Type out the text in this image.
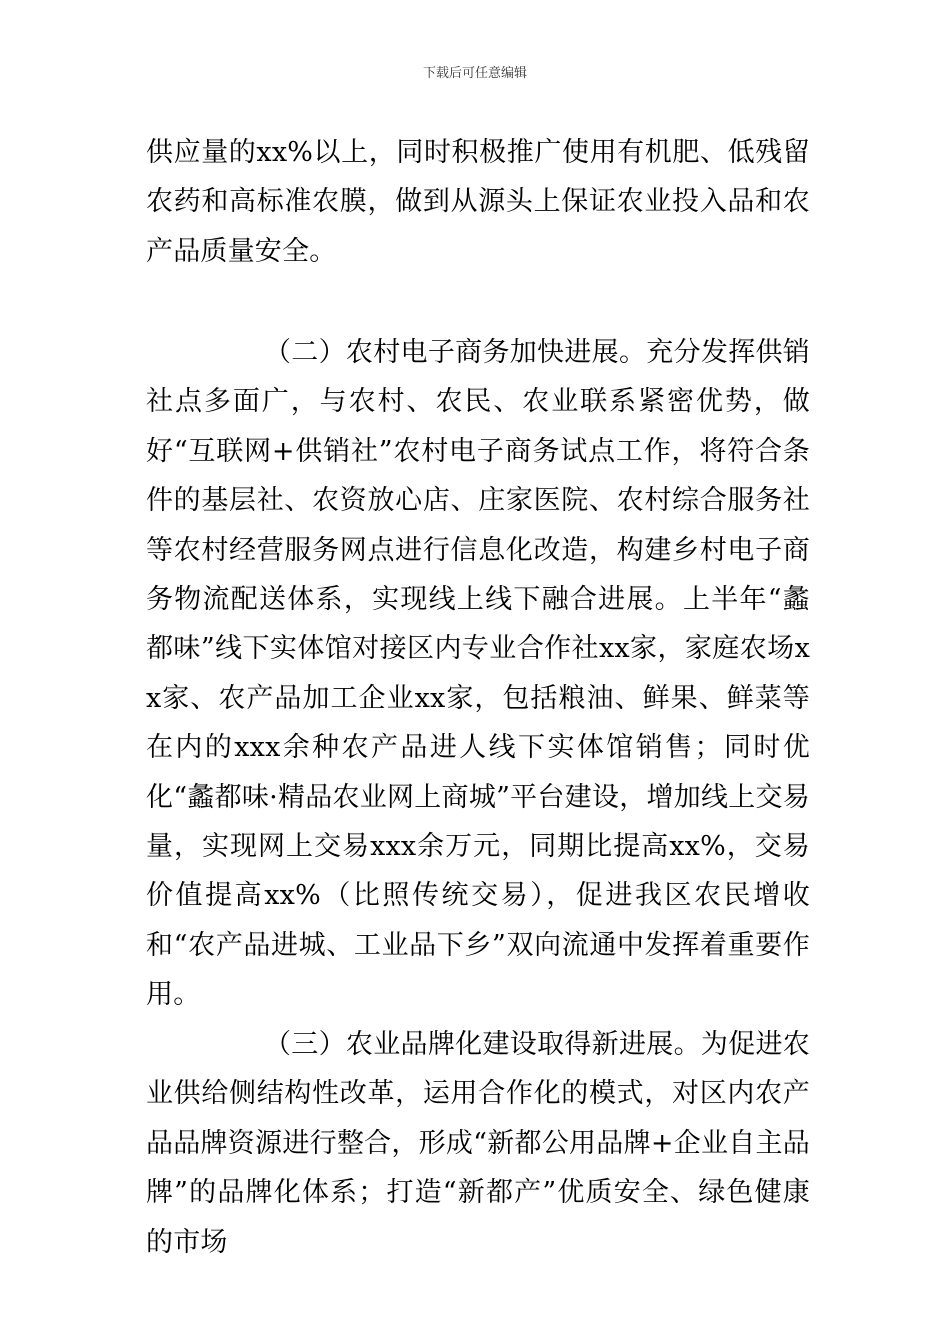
下载后可任意编辑

供应量的xx%以上，同时积极推广使用有机肥、低残留农药和高标准农膜，做到从源头上保证农业投入品和农产品质量安全。

（二）农村电子商务加快进展。充分发挥供销社点多面广，与农村、农民、农业联系紧密优势，做好“互联网+供销社”农村电子商务试点工作，将符合条件的基层社、农资放心店、庄家医院、农村综合服务社等农村经营服务网点进行信息化改造，构建乡村电子商务物流配送体系，实现线上线下融合进展。上半年“蠡都味”线下实体馆对接区内专业合作社xx家，家庭农场xx家、农产品加工企业xx家，包括粮油、鲜果、鲜菜等在内的xxx余种农产品进人线下实体馆销售；同时优化“蠡都味·精品农业网上商城”平台建设，增加线上交易量，实现网上交易xxx余万元，同期比提高xx%，交易价值提高xx%（比照传统交易），促进我区农民增收和“农产品进城、工业品下乡”双向流通中发挥着重要作用。

（三）农业品牌化建设取得新进展。为促进农业供给侧结构性改革，运用合作化的模式，对区内农产品品牌资源进行整合，形成“新都公用品牌+企业自主品牌”的品牌化体系；打造“新都产”优质安全、绿色健康的市场
